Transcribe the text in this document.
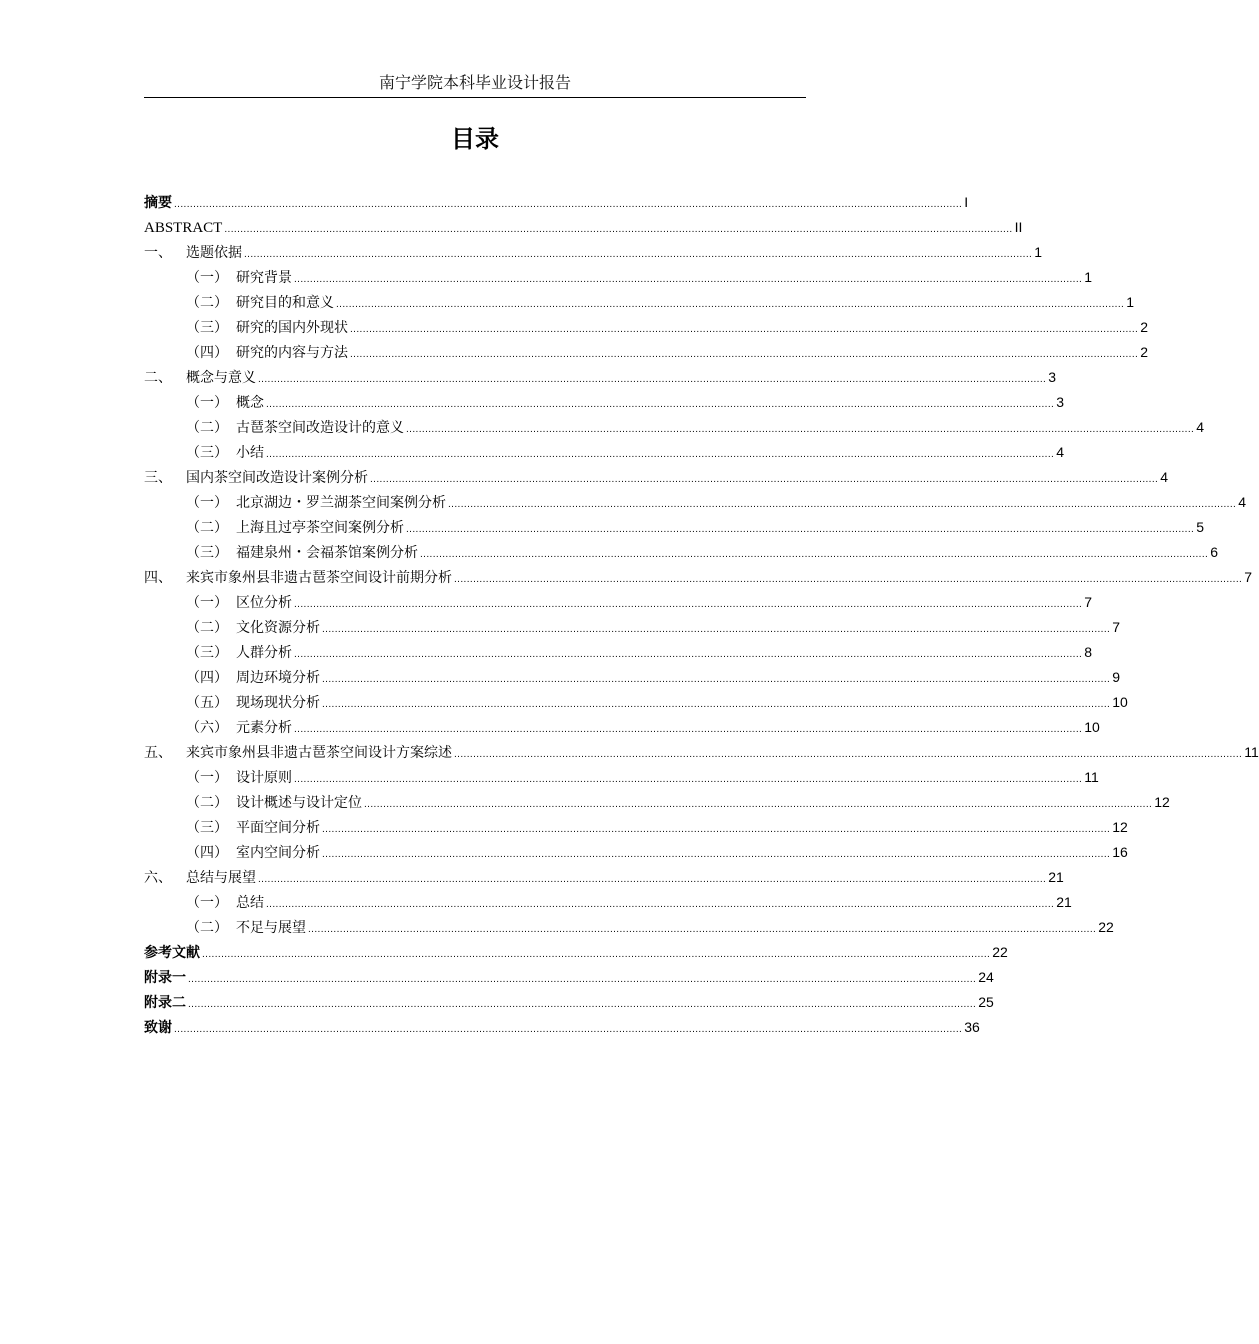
南宁学院本科毕业设计报告
目录
摘要 ........................................................................................................................................................................................................................................................ I
ABSTRACT ........................................................................................................................................................................................................................................................ II
一、	选题依据 ........................................................................................................................................................................................................................................................ 1
（一） 研究背景 ........................................................................................................................................................................................................................................................ 1
（二） 研究目的和意义 ........................................................................................................................................................................................................................................................ 1
（三） 研究的国内外现状 ........................................................................................................................................................................................................................................................ 2
（四） 研究的内容与方法 ........................................................................................................................................................................................................................................................ 2
二、	概念与意义 ........................................................................................................................................................................................................................................................ 3
（一） 概念 ........................................................................................................................................................................................................................................................ 3
（二） 古琶茶空间改造设计的意义 ........................................................................................................................................................................................................................................................ 4
（三） 小结 ........................................................................................................................................................................................................................................................ 4
三、	国内茶空间改造设计案例分析 ........................................................................................................................................................................................................................................................ 4
（一） 北京湖边・罗兰湖茶空间案例分析 ........................................................................................................................................................................................................................................................ 4
（二） 上海且过亭茶空间案例分析 ........................................................................................................................................................................................................................................................ 5
（三） 福建泉州・会福茶馆案例分析 ........................................................................................................................................................................................................................................................ 6
四、	来宾市象州县非遗古琶茶空间设计前期分析 ........................................................................................................................................................................................................................................................ 7
（一） 区位分析 ........................................................................................................................................................................................................................................................ 7
（二） 文化资源分析 ........................................................................................................................................................................................................................................................ 7
（三） 人群分析 ........................................................................................................................................................................................................................................................ 8
（四） 周边环境分析 ........................................................................................................................................................................................................................................................ 9
（五） 现场现状分析 ........................................................................................................................................................................................................................................................ 10
（六） 元素分析 ........................................................................................................................................................................................................................................................ 10
五、	来宾市象州县非遗古琶茶空间设计方案综述 ........................................................................................................................................................................................................................................................ 11
（一） 设计原则 ........................................................................................................................................................................................................................................................ 11
（二） 设计概述与设计定位 ........................................................................................................................................................................................................................................................ 12
（三） 平面空间分析 ........................................................................................................................................................................................................................................................ 12
（四） 室内空间分析 ........................................................................................................................................................................................................................................................ 16
六、	总结与展望 ........................................................................................................................................................................................................................................................ 21
（一） 总结 ........................................................................................................................................................................................................................................................ 21
（二） 不足与展望 ........................................................................................................................................................................................................................................................ 22
参考文献 ........................................................................................................................................................................................................................................................ 22
附录一 ........................................................................................................................................................................................................................................................ 24
附录二 ........................................................................................................................................................................................................................................................ 25
致谢 ........................................................................................................................................................................................................................................................ 36
